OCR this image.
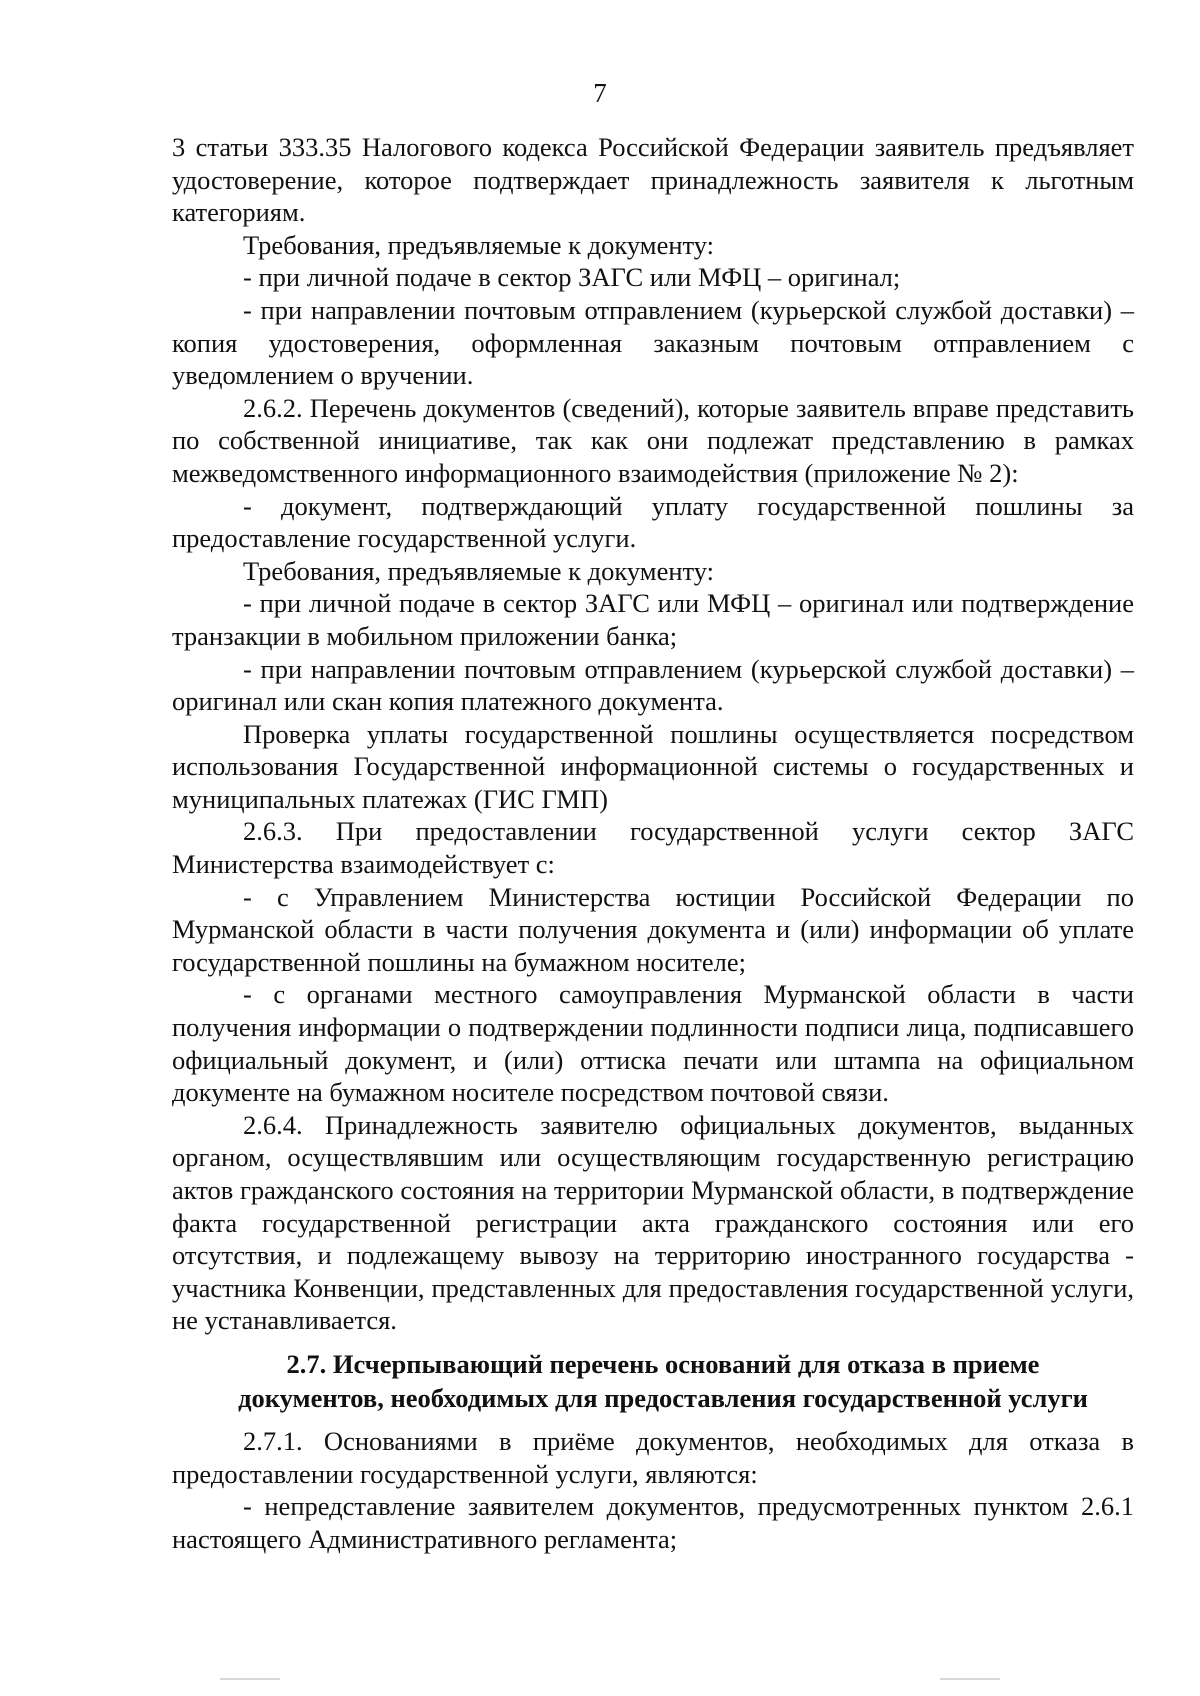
7

3 статьи 333.35 Налогового кодекса Российской Федерации заявитель предъявляет удостоверение, которое подтверждает принадлежность заявителя к льготным категориям.

Требования, предъявляемые к документу:

- при личной подаче в сектор ЗАГС или МФЦ – оригинал;

- при направлении почтовым отправлением (курьерской службой доставки) – копия удостоверения, оформленная заказным почтовым отправлением с уведомлением о вручении.

2.6.2. Перечень документов (сведений), которые заявитель вправе представить по собственной инициативе, так как они подлежат представлению в рамках межведомственного информационного взаимодействия (приложение № 2):

- документ, подтверждающий уплату государственной пошлины за предоставление государственной услуги.

Требования, предъявляемые к документу:

- при личной подаче в сектор ЗАГС или МФЦ – оригинал или подтверждение транзакции в мобильном приложении банка;

- при направлении почтовым отправлением (курьерской службой доставки) – оригинал или скан копия платежного документа.

Проверка уплаты государственной пошлины осуществляется посредством использования Государственной информационной системы о государственных и муниципальных платежах (ГИС ГМП)

2.6.3. При предоставлении государственной услуги сектор ЗАГС Министерства взаимодействует с:

- с Управлением Министерства юстиции Российской Федерации по Мурманской области в части получения документа и (или) информации об уплате государственной пошлины на бумажном носителе;

- с органами местного самоуправления Мурманской области в части получения информации о подтверждении подлинности подписи лица, подписавшего официальный документ, и (или) оттиска печати или штампа на официальном документе на бумажном носителе посредством почтовой связи.

2.6.4. Принадлежность заявителю официальных документов, выданных органом, осуществлявшим или осуществляющим государственную регистрацию актов гражданского состояния на территории Мурманской области, в подтверждение факта государственной регистрации акта гражданского состояния или его отсутствия, и подлежащему вывозу на территорию иностранного государства - участника Конвенции, представленных для предоставления государственной услуги, не устанавливается.

2.7. Исчерпывающий перечень оснований для отказа в приеме
документов, необходимых для предоставления государственной услуги

2.7.1. Основаниями в приёме документов, необходимых для отказа в предоставлении государственной услуги, являются:

- непредставление заявителем документов, предусмотренных пунктом 2.6.1 настоящего Административного регламента;
